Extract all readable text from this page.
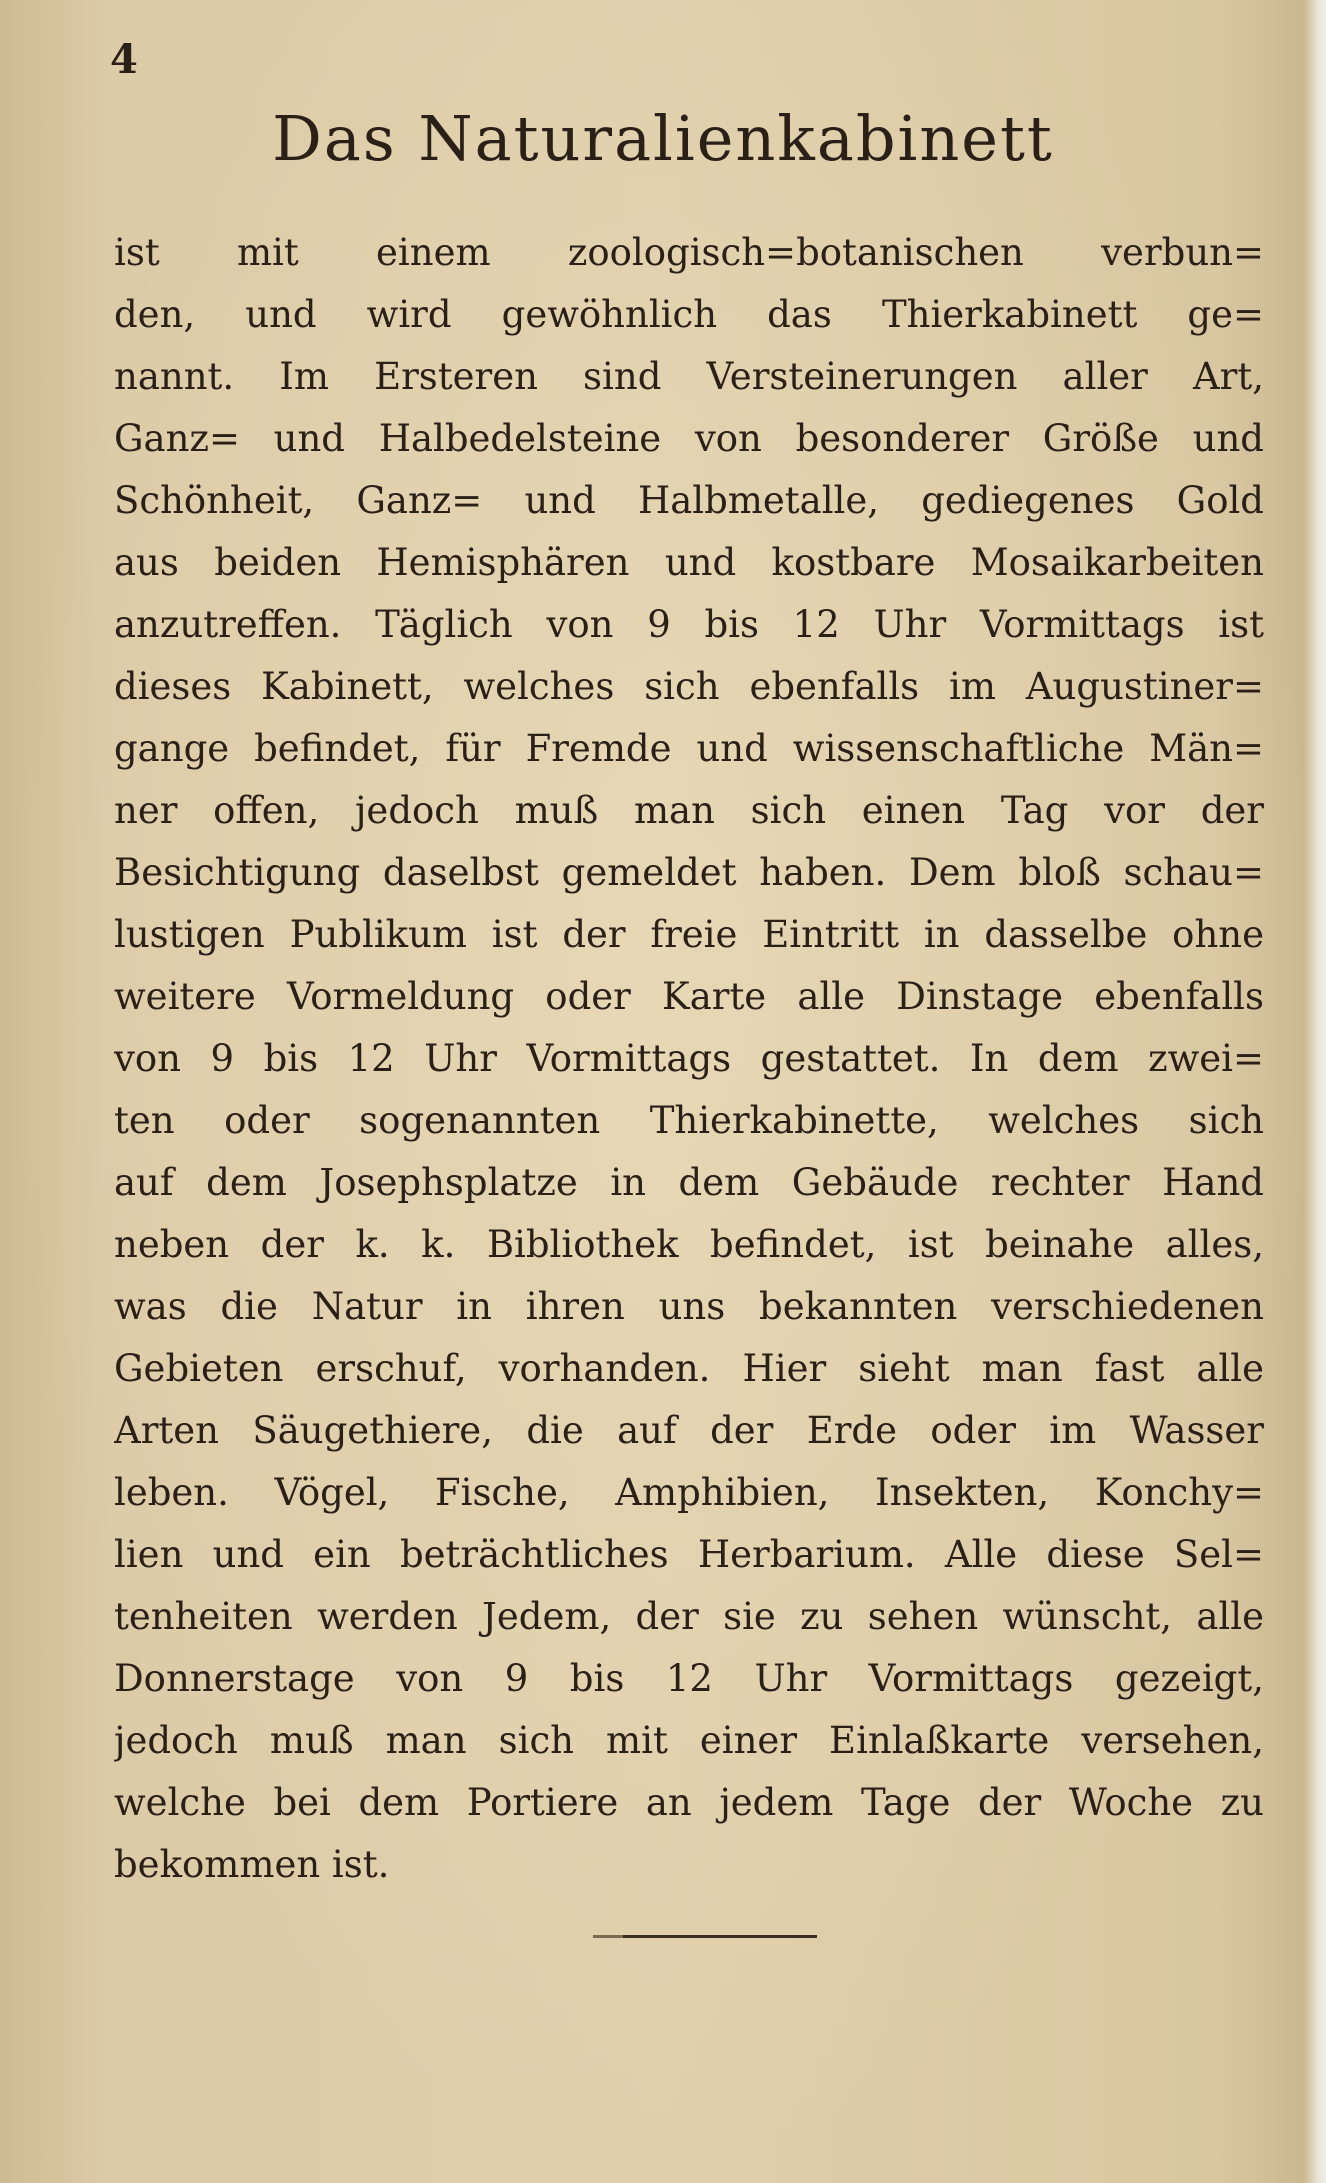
4
Das Naturalienkabinett
ist mit einem zoologisch=botanischen verbun=
den, und wird gewöhnlich das Thierkabinett ge=
nannt. Im Ersteren sind Versteinerungen aller Art,
Ganz= und Halbedelsteine von besonderer Größe und
Schönheit, Ganz= und Halbmetalle, gediegenes Gold
aus beiden Hemisphären und kostbare Mosaikarbeiten
anzutreffen. Täglich von 9 bis 12 Uhr Vormittags ist
dieses Kabinett, welches sich ebenfalls im Augustiner=
gange befindet, für Fremde und wissenschaftliche Män=
ner offen, jedoch muß man sich einen Tag vor der
Besichtigung daselbst gemeldet haben. Dem bloß schau=
lustigen Publikum ist der freie Eintritt in dasselbe ohne
weitere Vormeldung oder Karte alle Dinstage ebenfalls
von 9 bis 12 Uhr Vormittags gestattet. In dem zwei=
ten oder sogenannten Thierkabinette, welches sich
auf dem Josephsplatze in dem Gebäude rechter Hand
neben der k. k. Bibliothek befindet, ist beinahe alles,
was die Natur in ihren uns bekannten verschiedenen
Gebieten erschuf, vorhanden. Hier sieht man fast alle
Arten Säugethiere, die auf der Erde oder im Wasser
leben. Vögel, Fische, Amphibien, Insekten, Konchy=
lien und ein beträchtliches Herbarium. Alle diese Sel=
tenheiten werden Jedem, der sie zu sehen wünscht, alle
Donnerstage von 9 bis 12 Uhr Vormittags gezeigt,
jedoch muß man sich mit einer Einlaßkarte versehen,
welche bei dem Portiere an jedem Tage der Woche zu
bekommen ist.
